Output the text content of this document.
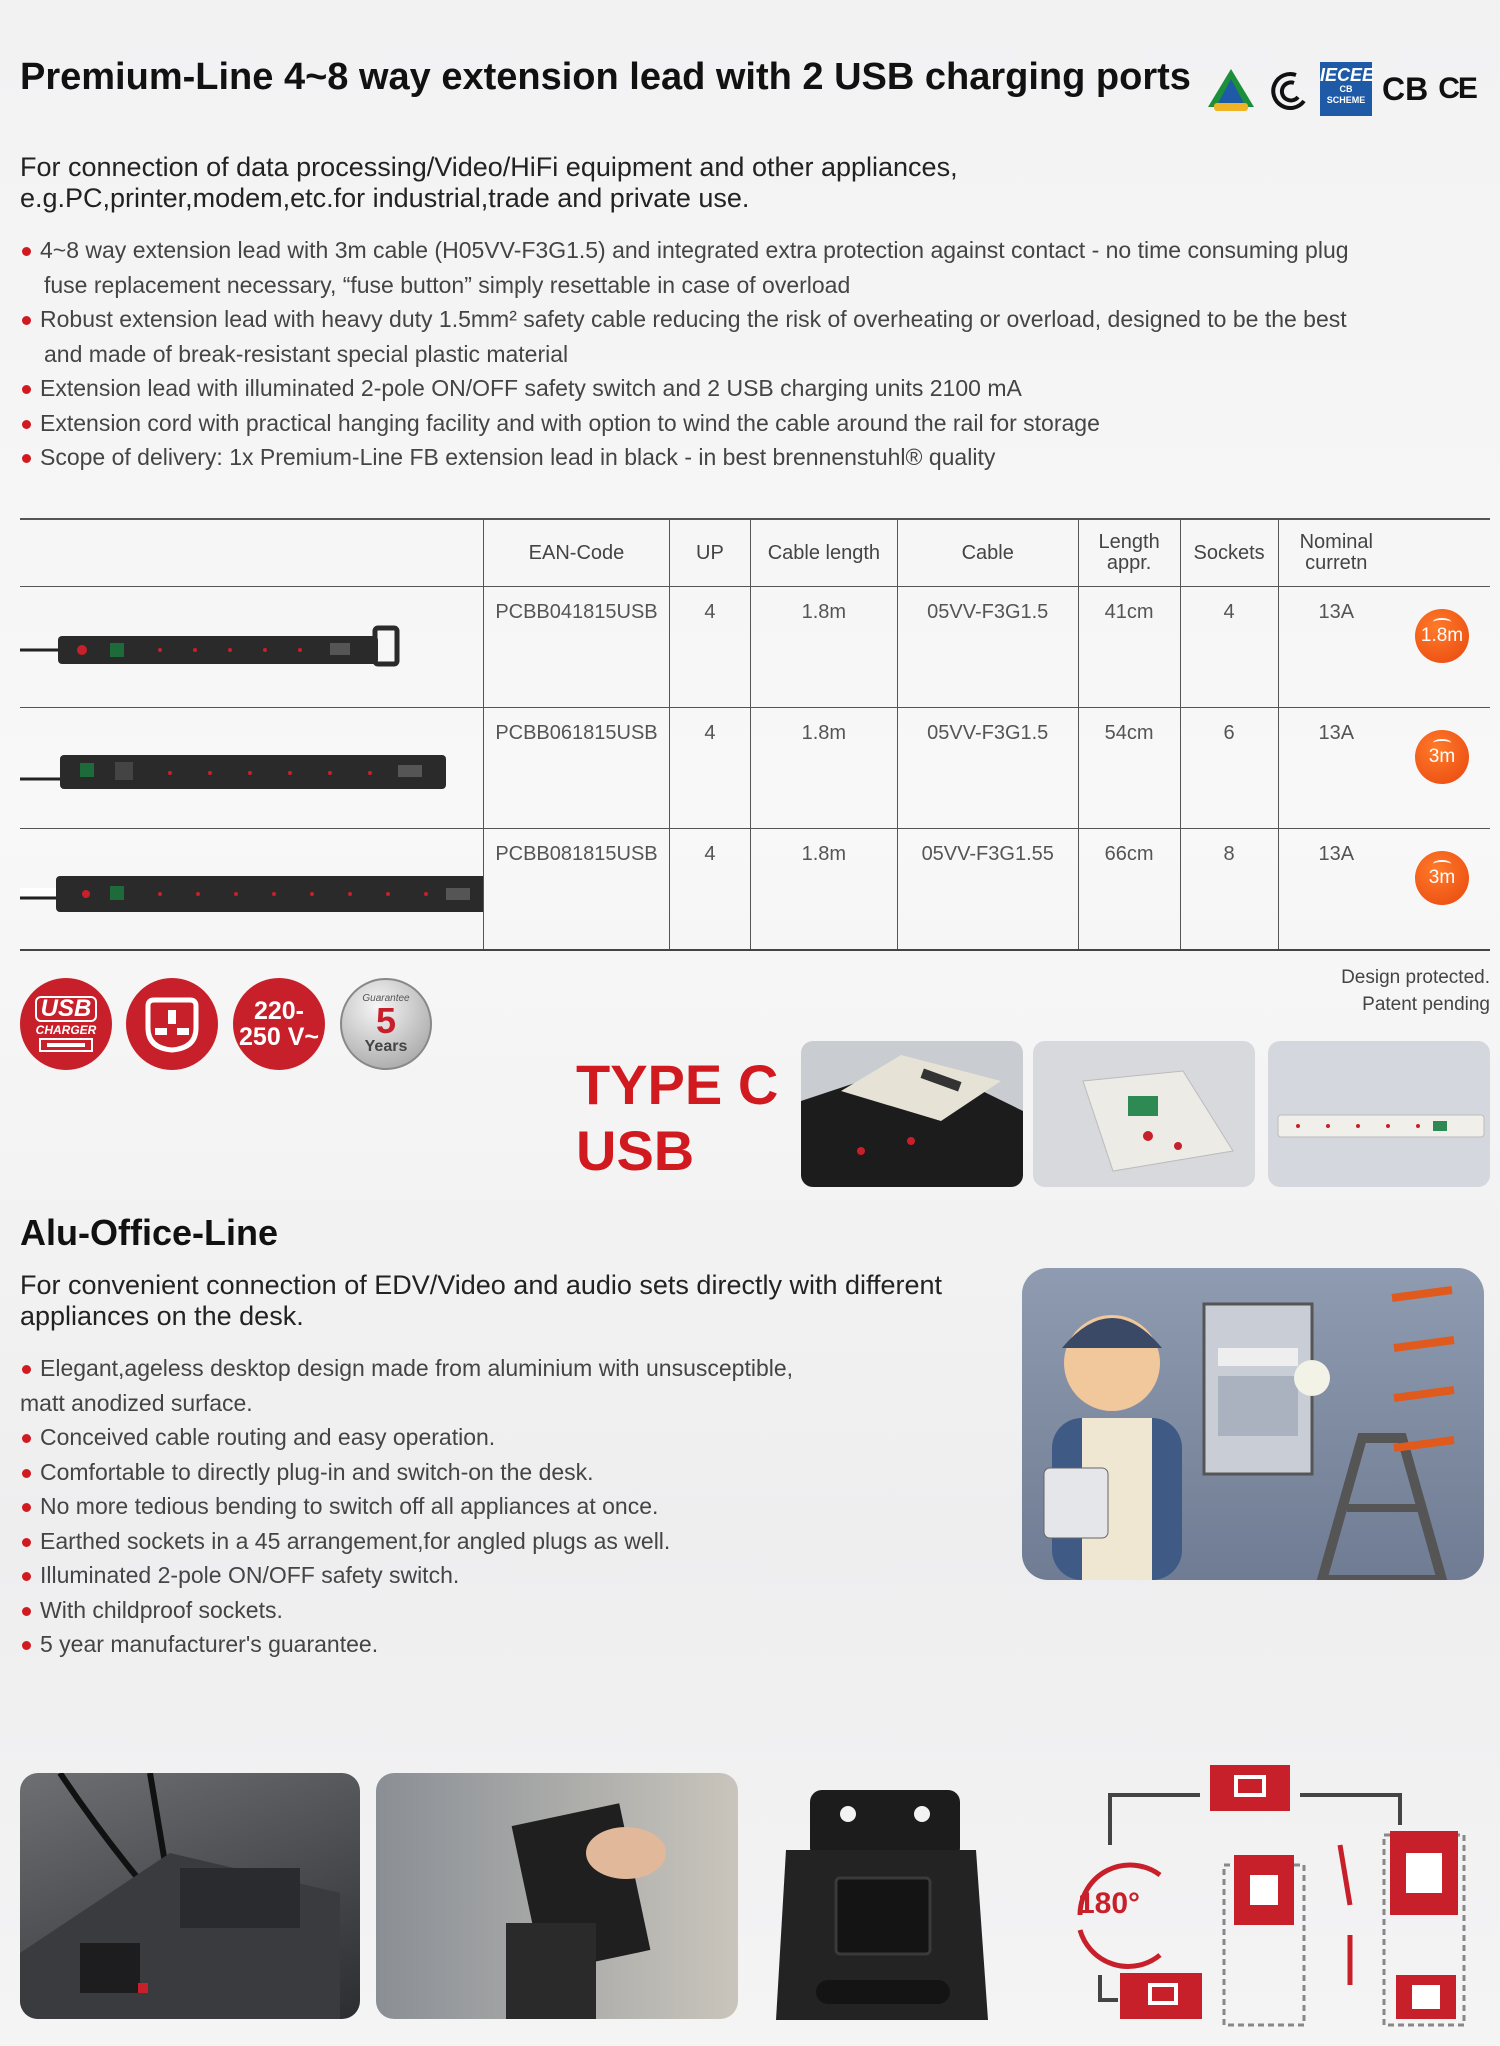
Premium-Line 4~8 way extension lead with 2 USB charging ports	IECEE
CB SCHEME CB CE
For connection of data processing/Video/HiFi equipment and other appliances,
e.g.PC,printer,modem,etc.for industrial,trade and private use.
4~8 way extension lead with 3m cable (H05VV-F3G1.5) and integrated extra protection against contact - no time consuming plug
fuse replacement necessary, “fuse button” simply resettable in case of overload
Robust extension lead with heavy duty 1.5mm² safety cable reducing the risk of overheating or overload, designed to be the best
and made of break-resistant special plastic material
Extension lead with illuminated 2-pole ON/OFF safety switch and 2 USB charging units 2100 mA
Extension cord with practical hanging facility and with option to wind the cable around the rail for storage
Scope of delivery: 1x Premium-Line FB extension lead in black - in best brennenstuhl® quality
	EAN-Code	UP	Cable length	Cable	Length
appr.	Sockets	Nominal
curretn	
	PCBB041815USB	4	1.8m	05VV-F3G1.5	41cm	4	13A	1.8m

	PCBB061815USB	4	1.8m	05VV-F3G1.5	54cm	6	13A	3m

	PCBB081815USB	4	1.8m	05VV-F3G1.55	66cm	8	13A	3m
Design protected.
Patent pending
USB
CHARGER
220-
250 V~
Guarantee
5
Years
TYPE C
USB
Alu-Office-Line
For convenient connection of EDV/Video and audio sets directly with different
appliances on the desk.
Elegant,ageless desktop design made from aluminium with unsusceptible,
matt anodized surface.
Conceived cable routing and easy operation.
Comfortable to directly plug-in and switch-on the desk.
No more tedious bending to switch off all appliances at once.
Earthed sockets in a 45 arrangement,for angled plugs as well.
Illuminated 2-pole ON/OFF safety switch.
With childproof sockets.
5 year manufacturer's guarantee.
180°
